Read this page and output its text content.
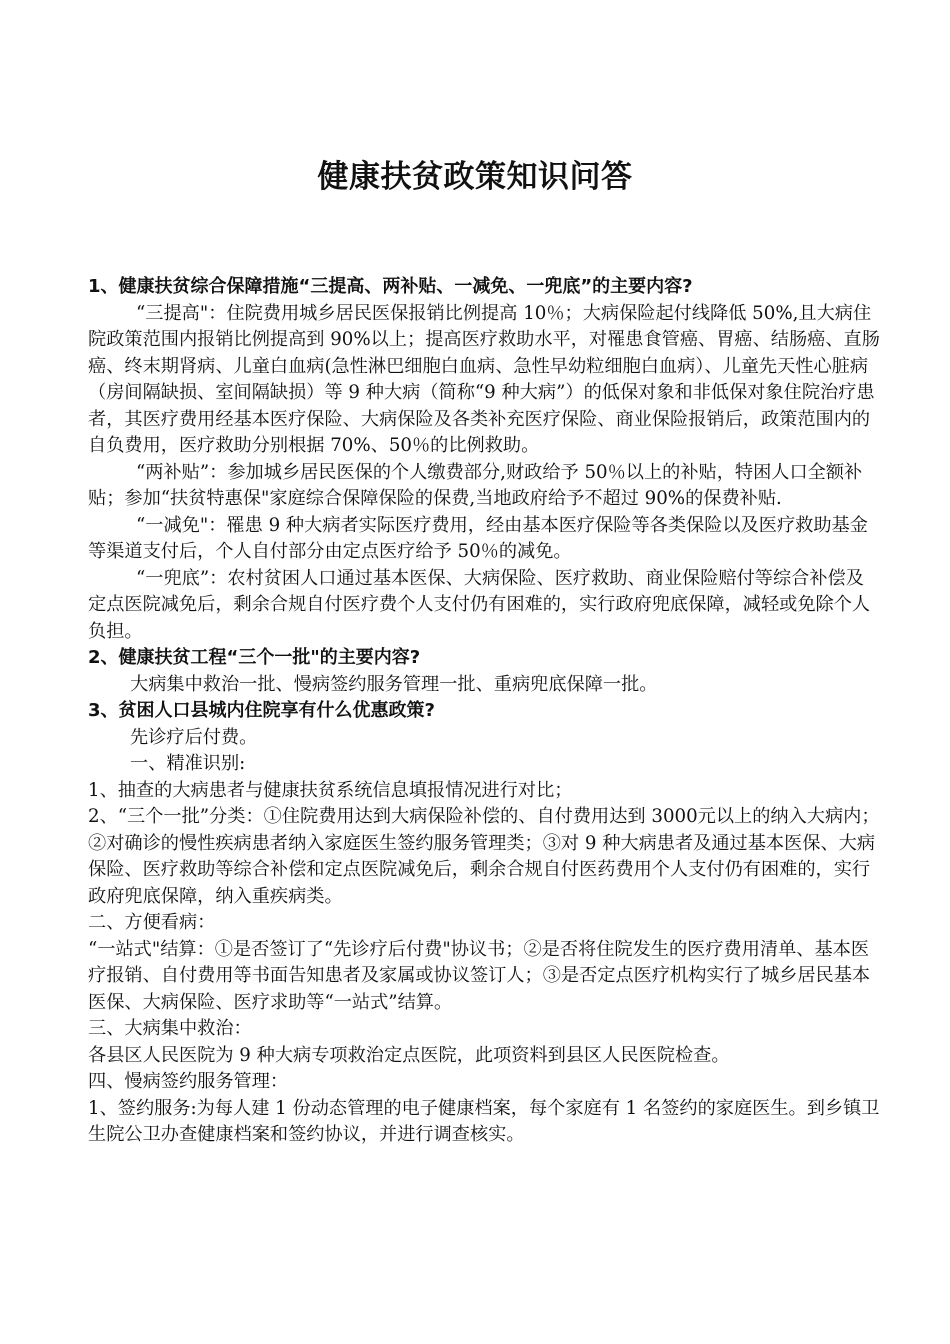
健康扶贫政策知识问答

1、健康扶贫综合保障措施“三提高、两补贴、一减免、一兜底”的主要内容?

“三提高"：住院费用城乡居民医保报销比例提高 10％；大病保险起付线降低 50%,且大病住院政策范围内报销比例提高到 90%以上；提高医疗救助水平，对罹患食管癌、胃癌、结肠癌、直肠癌、终末期肾病、儿童白血病(急性淋巴细胞白血病、急性早幼粒细胞白血病）、儿童先天性心脏病（房间隔缺损、室间隔缺损）等 9 种大病（简称“9 种大病”）的低保对象和非低保对象住院治疗患者，其医疗费用经基本医疗保险、大病保险及各类补充医疗保险、商业保险报销后，政策范围内的自负费用，医疗救助分别根据 70%、50％的比例救助。

“两补贴”：参加城乡居民医保的个人缴费部分,财政给予 50％以上的补贴，特困人口全额补贴；参加“扶贫特惠保"家庭综合保障保险的保费,当地政府给予不超过 90%的保费补贴.

“一减免"：罹患 9 种大病者实际医疗费用，经由基本医疗保险等各类保险以及医疗救助基金等渠道支付后，个人自付部分由定点医疗给予 50％的减免。

“一兜底”：农村贫困人口通过基本医保、大病保险、医疗救助、商业保险赔付等综合补偿及定点医院减免后，剩余合规自付医疗费个人支付仍有困难的，实行政府兜底保障，减轻或免除个人负担。

2、健康扶贫工程“三个一批"的主要内容?

大病集中救治一批、慢病签约服务管理一批、重病兜底保障一批。

3、贫困人口县城内住院享有什么优惠政策?

先诊疗后付费。

一、精准识别:

1、抽查的大病患者与健康扶贫系统信息填报情况进行对比；

2、“三个一批”分类：①住院费用达到大病保险补偿的、自付费用达到 3000元以上的纳入大病内；②对确诊的慢性疾病患者纳入家庭医生签约服务管理类；③对 9 种大病患者及通过基本医保、大病保险、医疗救助等综合补偿和定点医院减免后，剩余合规自付医药费用个人支付仍有困难的，实行政府兜底保障，纳入重疾病类。

二、方便看病：

“一站式"结算：①是否签订了“先诊疗后付费"协议书；②是否将住院发生的医疗费用清单、基本医疗报销、自付费用等书面告知患者及家属或协议签订人；③是否定点医疗机构实行了城乡居民基本医保、大病保险、医疗求助等“一站式”结算。

三、大病集中救治：

各县区人民医院为 9 种大病专项救治定点医院，此项资料到县区人民医院检查。

四、慢病签约服务管理：

1、签约服务:为每人建 1 份动态管理的电子健康档案，每个家庭有 1 名签约的家庭医生。到乡镇卫生院公卫办查健康档案和签约协议，并进行调查核实。
